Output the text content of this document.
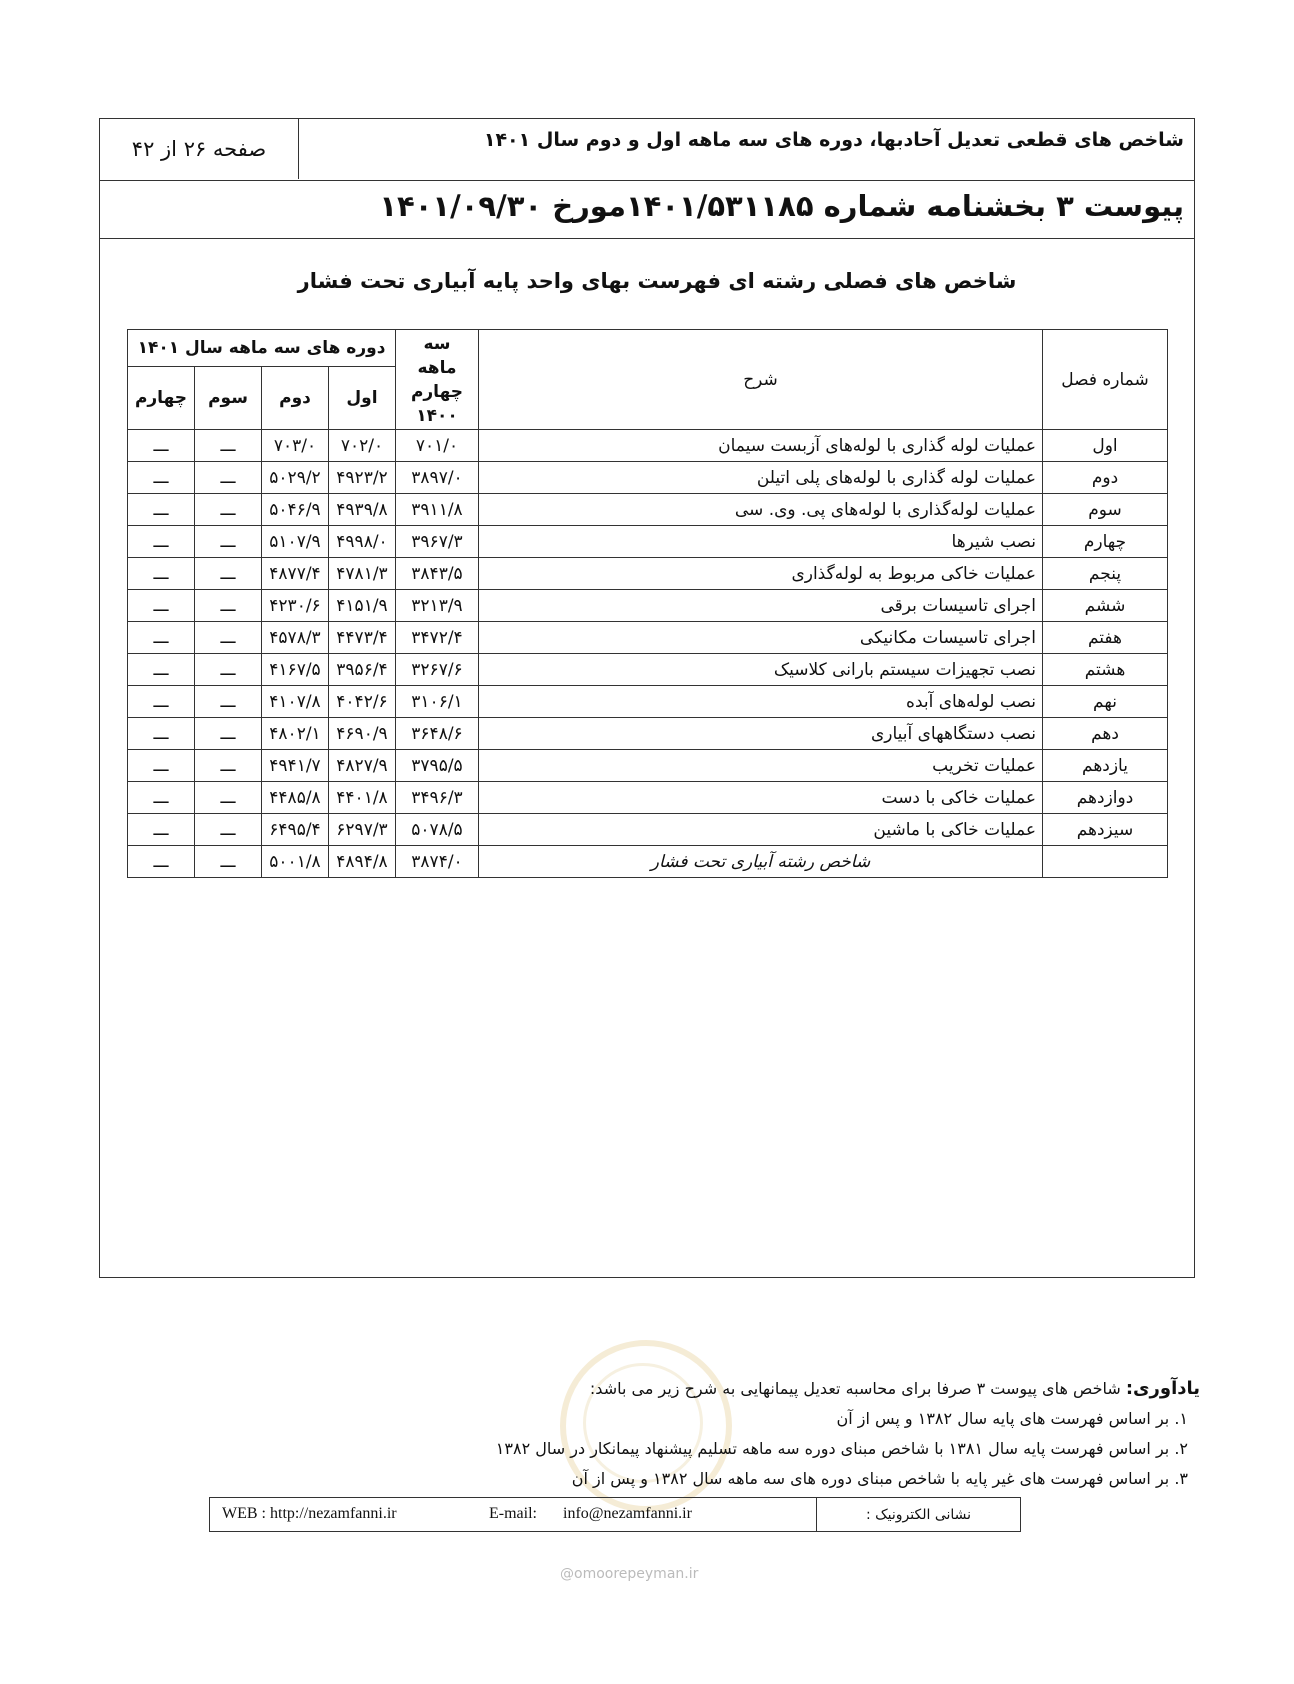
صفحه ۲۶ از ۴۲	شاخص های قطعی تعدیل آحادبها، دوره های سه ماهه اول و دوم سال ۱۴۰۱
پیوست ۳ بخشنامه شماره ۱۴۰۱/۵۳۱۱۸۵مورخ ۱۴۰۱/۰۹/۳۰
شاخص های فصلی رشته ای فهرست بهای واحد پایه آبیاری تحت فشار
شماره فصل	شرح	سه ماهه چهارم ۱۴۰۰	دوره های سه ماهه سال ۱۴۰۱			
			اول	دوم	سوم	چهارم
اول	عملیات لوله گذاری با لوله‌های آزبست سیمان	۷۰۱/۰	۷۰۲/۰	۷۰۳/۰	ـــ	ـــ
دوم	عملیات لوله گذاری با لوله‌های پلی اتیلن	۳۸۹۷/۰	۴۹۲۳/۲	۵۰۲۹/۲	ـــ	ـــ
سوم	عملیات لوله‌گذاری با لوله‌های پی. وی. سی	۳۹۱۱/۸	۴۹۳۹/۸	۵۰۴۶/۹	ـــ	ـــ
چهارم	نصب شیرها	۳۹۶۷/۳	۴۹۹۸/۰	۵۱۰۷/۹	ـــ	ـــ
پنجم	عملیات خاکی مربوط به لوله‌گذاری	۳۸۴۳/۵	۴۷۸۱/۳	۴۸۷۷/۴	ـــ	ـــ
ششم	اجرای تاسیسات برقی	۳۲۱۳/۹	۴۱۵۱/۹	۴۲۳۰/۶	ـــ	ـــ
هفتم	اجرای تاسیسات مکانیکی	۳۴۷۲/۴	۴۴۷۳/۴	۴۵۷۸/۳	ـــ	ـــ
هشتم	نصب تجهیزات سیستم بارانی کلاسیک	۳۲۶۷/۶	۳۹۵۶/۴	۴۱۶۷/۵	ـــ	ـــ
نهم	نصب لوله‌های آبده	۳۱۰۶/۱	۴۰۴۲/۶	۴۱۰۷/۸	ـــ	ـــ
دهم	نصب دستگاههای آبیاری	۳۶۴۸/۶	۴۶۹۰/۹	۴۸۰۲/۱	ـــ	ـــ
یازدهم	عملیات تخریب	۳۷۹۵/۵	۴۸۲۷/۹	۴۹۴۱/۷	ـــ	ـــ
دوازدهم	عملیات خاکی با دست	۳۴۹۶/۳	۴۴۰۱/۸	۴۴۸۵/۸	ـــ	ـــ
سیزدهم	عملیات خاکی با ماشین	۵۰۷۸/۵	۶۲۹۷/۳	۶۴۹۵/۴	ـــ	ـــ
	شاخص رشته آبیاری تحت فشار	۳۸۷۴/۰	۴۸۹۴/۸	۵۰۰۱/۸	ـــ	ـــ
یادآوری: شاخص های پیوست ۳ صرفا برای محاسبه تعدیل پیمانهایی به شرح زیر می باشد:
۱. بر اساس فهرست های پایه سال ۱۳۸۲ و پس از آن
۲. بر اساس فهرست پایه سال ۱۳۸۱ با شاخص مبنای دوره سه ماهه تسلیم پیشنهاد پیمانکار در سال ۱۳۸۲
۳. بر اساس فهرست های غیر پایه با شاخص مبنای دوره های سه ماهه سال ۱۳۸۲ و پس از آن
نشانی الکترونیک :
WEB : http://nezamfanni.ir	E-mail: info@nezamfanni.ir
@omoorepeyman.ir
